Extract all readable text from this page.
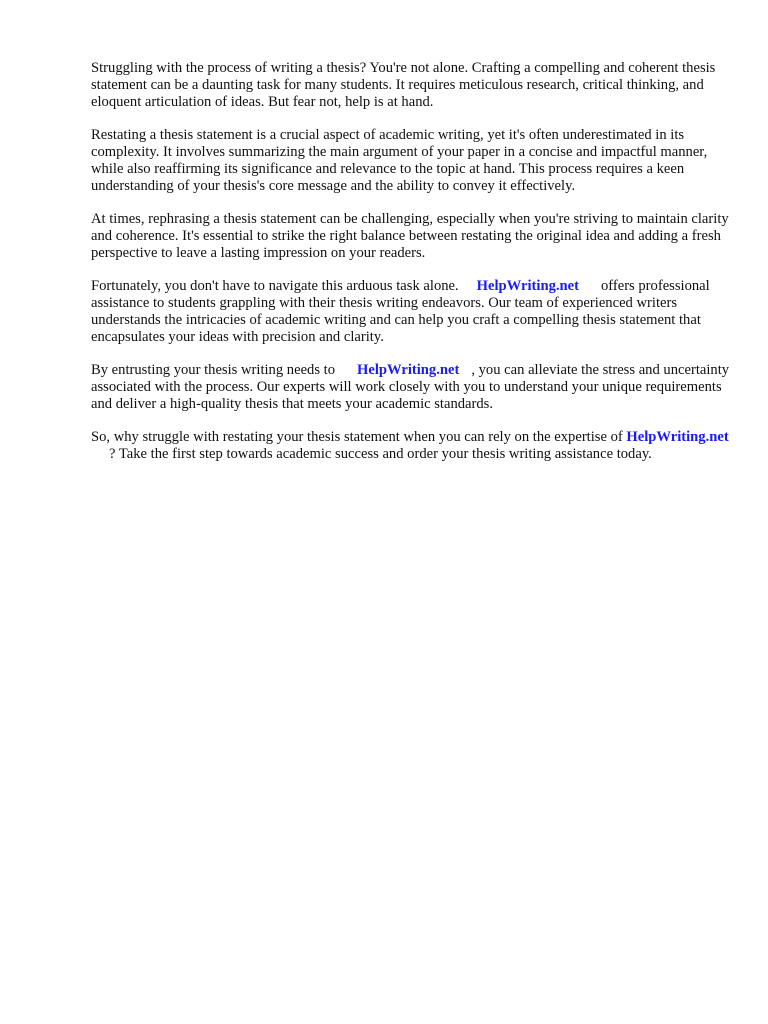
Struggling with the process of writing a thesis? You're not alone. Crafting a compelling and coherent thesis statement can be a daunting task for many students. It requires meticulous research, critical thinking, and eloquent articulation of ideas. But fear not, help is at hand.

Restating a thesis statement is a crucial aspect of academic writing, yet it's often underestimated in its complexity. It involves summarizing the main argument of your paper in a concise and impactful manner, while also reaffirming its significance and relevance to the topic at hand. This process requires a keen understanding of your thesis's core message and the ability to convey it effectively.

At times, rephrasing a thesis statement can be challenging, especially when you're striving to maintain clarity and coherence. It's essential to strike the right balance between restating the original idea and adding a fresh perspective to leave a lasting impression on your readers.

Fortunately, you don't have to navigate this arduous task alone. HelpWriting.net offers professional assistance to students grappling with their thesis writing endeavors. Our team of experienced writers understands the intricacies of academic writing and can help you craft a compelling thesis statement that encapsulates your ideas with precision and clarity.

By entrusting your thesis writing needs to HelpWriting.net , you can alleviate the stress and uncertainty associated with the process. Our experts will work closely with you to understand your unique requirements and deliver a high-quality thesis that meets your academic standards.

So, why struggle with restating your thesis statement when you can rely on the expertise of HelpWriting.net? Take the first step towards academic success and order your thesis writing assistance today.
